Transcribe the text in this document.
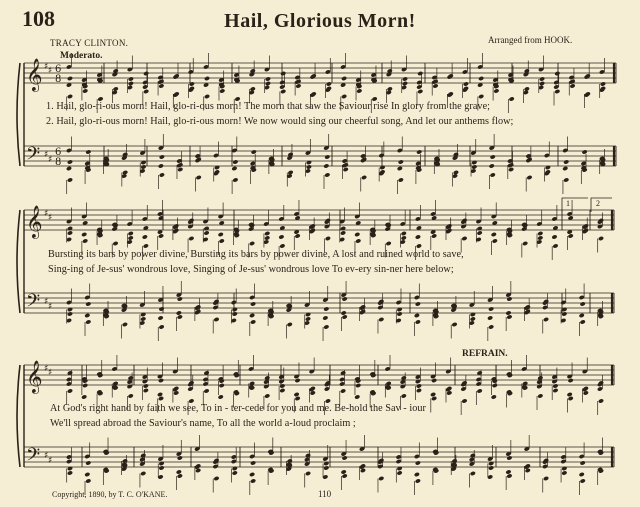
108	Hail, Glorious Morn!
TRACY CLINTON.	Arranged from HOOK.
Moderato.
REFRAIN.
1. Hail, glo-ri-ous morn! Hail, glo-ri-ous morn! The morn that saw the Saviour rise In glory from the grave;
2. Hail, glo-ri-ous morn! Hail, glo-ri-ous morn! We now would sing our cheerful song, And let our anthems flow;
Bursting its bars by power divine, Bursting its bars by power divine, A lost and ruined world to save,
Sing-ing of Je-sus' wondrous love, Singing of Je-sus' wondrous love To ev-ery sin-ner here below;
At God's right hand by faith we see, To in - ter-cede for you and me. Be-hold the Sav - iour
We'll spread abroad the Saviour's name, To all the world a-loud proclaim ;
Copyright, 1890, by T. C. O'KANE.	110
1	2
𝄞
𝄢
♯ ♯
♯ ♯
6
8
6
8
𝄞
𝄢
♯ ♯
♯ ♯
𝄞
𝄢
♯ ♯
♯ ♯
